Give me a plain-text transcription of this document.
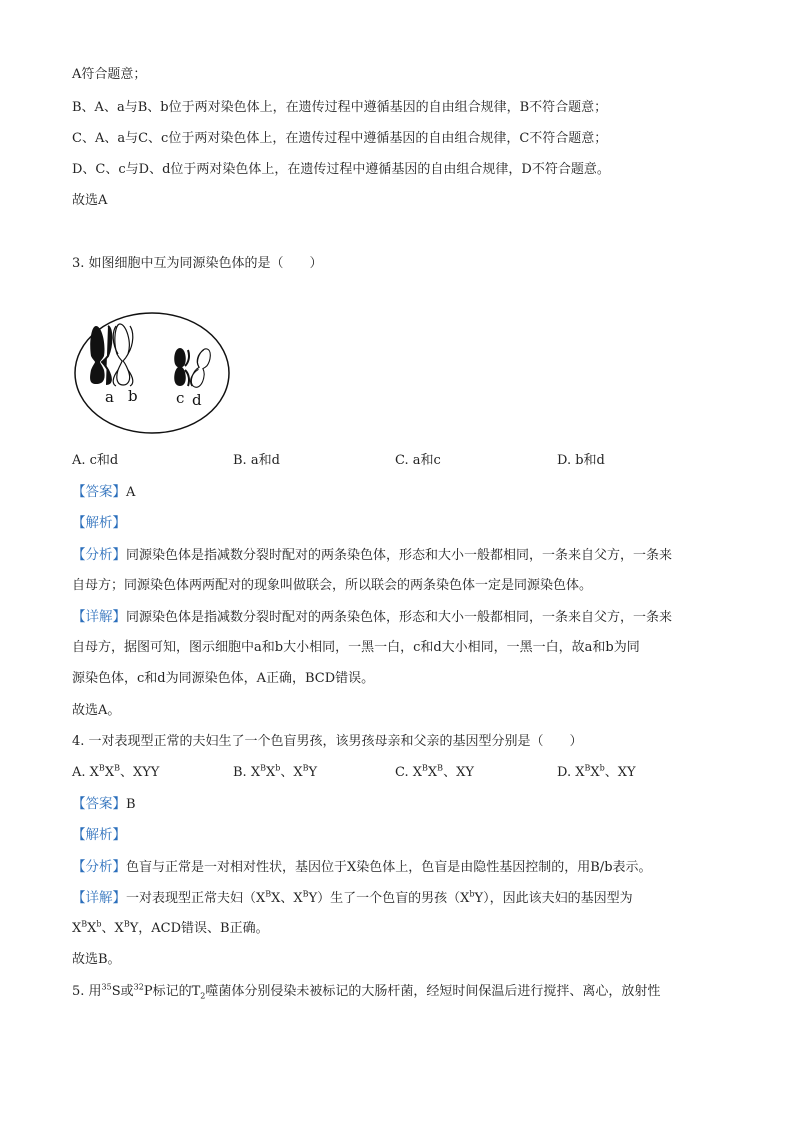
A符合题意；
B、A、a与B、b位于两对染色体上，在遗传过程中遵循基因的自由组合规律，B不符合题意；
C、A、a与C、c位于两对染色体上，在遗传过程中遵循基因的自由组合规律，C不符合题意；
D、C、c与D、d位于两对染色体上，在遗传过程中遵循基因的自由组合规律，D不符合题意。
故选A
3. 如图细胞中互为同源染色体的是（　　）
a b	c d
A. c和d	B. a和d	C. a和c	D. b和d
【答案】A
【解析】
【分析】同源染色体是指减数分裂时配对的两条染色体，形态和大小一般都相同，一条来自父方，一条来
自母方；同源染色体两两配对的现象叫做联会，所以联会的两条染色体一定是同源染色体。
【详解】同源染色体是指减数分裂时配对的两条染色体，形态和大小一般都相同，一条来自父方，一条来
自母方，据图可知，图示细胞中a和b大小相同，一黑一白，c和d大小相同，一黑一白，故a和b为同
源染色体，c和d为同源染色体，A正确，BCD错误。
故选A。
4. 一对表现型正常的夫妇生了一个色盲男孩，该男孩母亲和父亲的基因型分别是（　　）
A. $X^BX^B$、XYY	B. $X^BX^b$、$X^BY$	C. $X^BX^B$、XY	D. $X^BX^b$、XY
【答案】B
【解析】
【分析】色盲与正常是一对相对性状，基因位于X染色体上，色盲是由隐性基因控制的，用B/b表示。
【详解】一对表现型正常夫妇（$X^BX$、$X^BY$）生了一个色盲的男孩$(X^bY)$，因此该夫妇的基因型为
$X^BX^b$、$X^BY$，ACD错误、B正确。
故选B。
5. 用$^{35}$S或$^{32}$P标记的$T_2$噬菌体分别侵染未被标记的大肠杆菌，经短时间保温后进行搅拌、离心，放射性
